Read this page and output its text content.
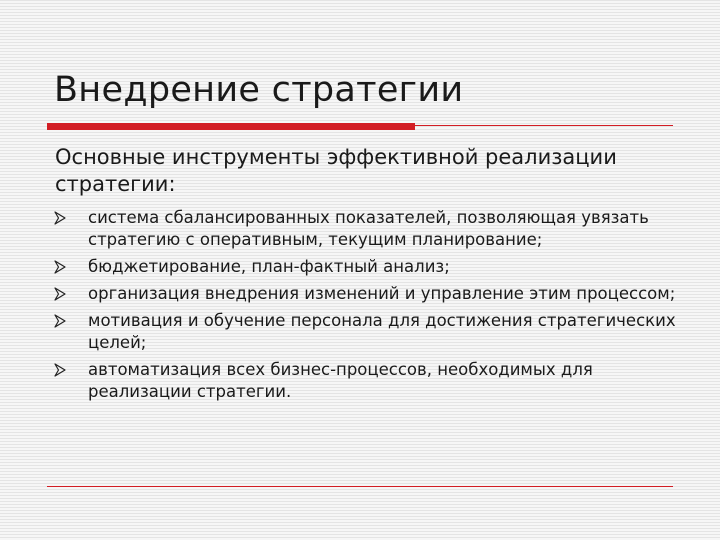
Внедрение стратегии

Основные инструменты эффективной реализации стратегии:

система сбалансированных показателей, позволяющая увязать стратегию с оперативным, текущим планирование;
бюджетирование, план-фактный анализ;
организация внедрения изменений и управление этим процессом;
мотивация и обучение персонала для достижения стратегических целей;
автоматизация всех бизнес-процессов, необходимых для реализации стратегии.
